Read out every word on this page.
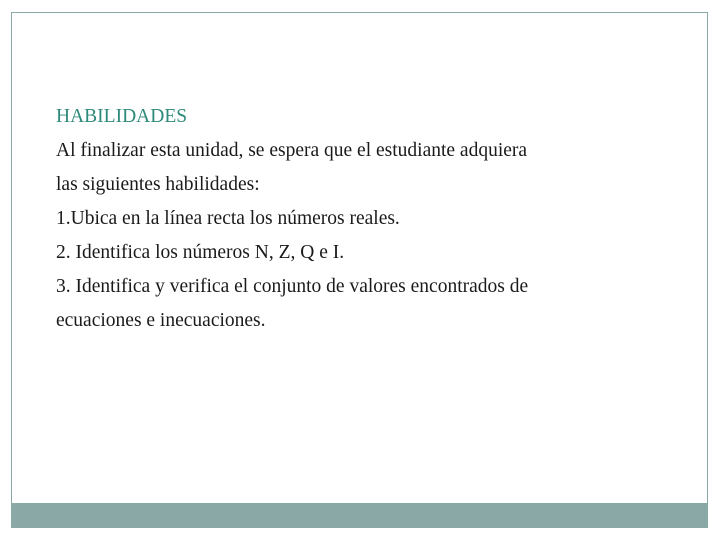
HABILIDADES
Al finalizar esta unidad, se espera que el estudiante adquiera
las siguientes habilidades:
1.Ubica en la línea recta los números reales.
2. Identifica los números N, Z, Q e I.
3. Identifica y verifica el conjunto de valores encontrados de
ecuaciones e inecuaciones.
